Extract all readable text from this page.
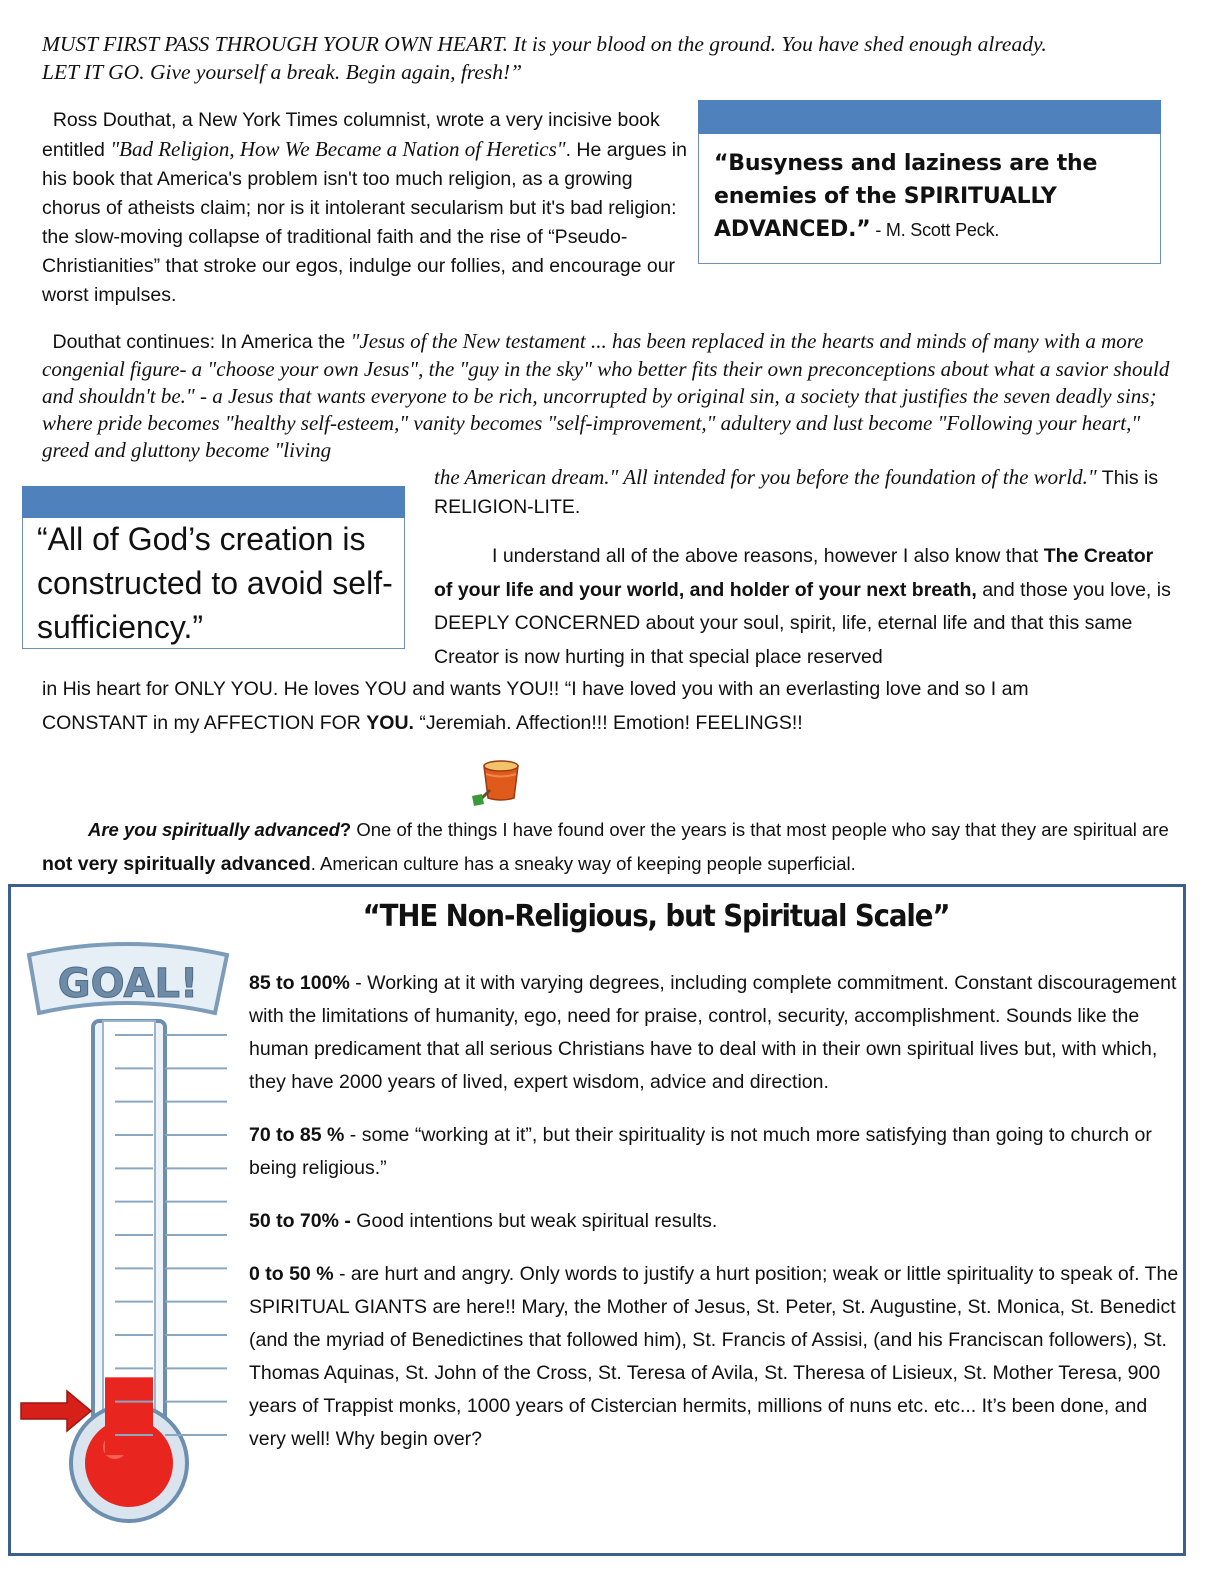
MUST FIRST PASS THROUGH YOUR OWN HEART. It is your blood on the ground. You have shed enough already.
LET IT GO. Give yourself a break. Begin again, fresh!”
Ross Douthat, a New York Times columnist, wrote a very incisive book entitled "Bad Religion, How We Became a Nation of Heretics". He argues in his book that America's problem isn't too much religion, as a growing chorus of atheists claim; nor is it intolerant secularism but it's bad religion: the slow-moving collapse of traditional faith and the rise of “Pseudo-Christianities” that stroke our egos, indulge our follies, and encourage our worst impulses.
“Busyness and laziness are the enemies of the SPIRITUALLY ADVANCED.” - M. Scott Peck.
Douthat continues: In America the "Jesus of the New testament ... has been replaced in the hearts and minds of many with a more congenial figure- a "choose your own Jesus", the "guy in the sky" who better fits their own preconceptions about what a savior should and shouldn't be." - a Jesus that wants everyone to be rich, uncorrupted by original sin, a society that justifies the seven deadly sins; where pride becomes "healthy self-esteem," vanity becomes "self-improvement," adultery and lust become "Following your heart," greed and gluttony become "living
the American dream." All intended for you before the foundation of the world." This is RELIGION-LITE.
“All of God’s creation is constructed to avoid self-sufficiency.”
I understand all of the above reasons, however I also know that The Creator of your life and your world, and holder of your next breath, and those you love, is DEEPLY CONCERNED about your soul, spirit, life, eternal life and that this same Creator is now hurting in that special place reserved
in His heart for ONLY YOU. He loves YOU and wants YOU!! “I have loved you with an everlasting love and so I am
CONSTANT in my AFFECTION FOR YOU. “Jeremiah. Affection!!! Emotion! FEELINGS!!
Are you spiritually advanced? One of the things I have found over the years is that most people who say that they are spiritual are not very spiritually advanced. American culture has a sneaky way of keeping people superficial.
“THE Non-Religious, but Spiritual Scale”
GOAL!	85 to 100% - Working at it with varying degrees, including complete commitment. Constant discouragement with the limitations of humanity, ego, need for praise, control, security, accomplishment. Sounds like the human predicament that all serious Christians have to deal with in their own spiritual lives but, with which, they have 2000 years of lived, expert wisdom, advice and direction.

70 to 85 % - some “working at it”, but their spirituality is not much more satisfying than going to church or being religious.”

50 to 70% - Good intentions but weak spiritual results.

0 to 50 % - are hurt and angry. Only words to justify a hurt position; weak or little spirituality to speak of. The SPIRITUAL GIANTS are here!! Mary, the Mother of Jesus, St. Peter, St. Augustine, St. Monica, St. Benedict (and the myriad of Benedictines that followed him), St. Francis of Assisi, (and his Franciscan followers), St. Thomas Aquinas, St. John of the Cross, St. Teresa of Avila, St. Theresa of Lisieux, St. Mother Teresa, 900 years of Trappist monks, 1000 years of Cistercian hermits, millions of nuns etc. etc... It’s been done, and very well! Why begin over?
